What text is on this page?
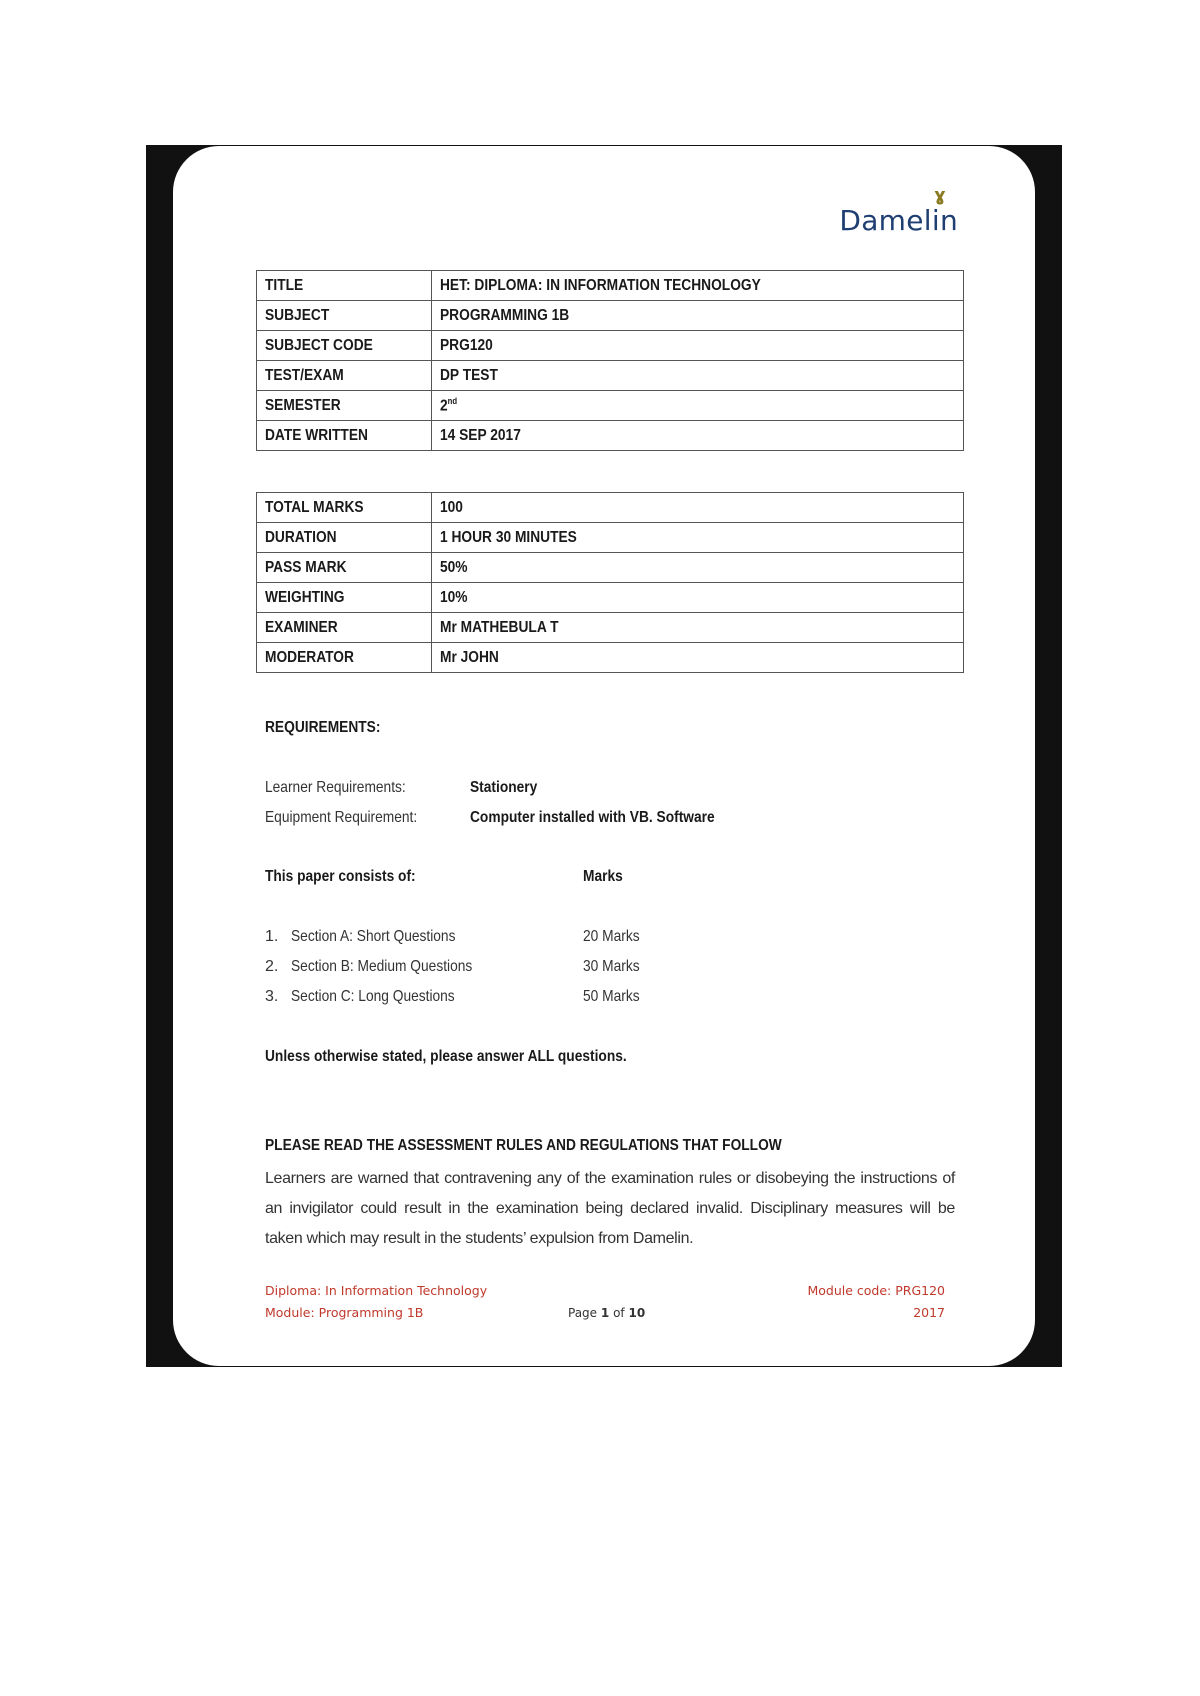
ɣ
Damelin
TITLE	HET: DIPLOMA: IN INFORMATION TECHNOLOGY
SUBJECT	PROGRAMMING 1B
SUBJECT CODE	PRG120
TEST/EXAM	DP TEST
SEMESTER	2nd
DATE WRITTEN	14 SEP 2017
TOTAL MARKS	100
DURATION	1 HOUR 30 MINUTES
PASS MARK	50%
WEIGHTING	10%
EXAMINER	Mr MATHEBULA T
MODERATOR	Mr JOHN
REQUIREMENTS:
Learner Requirements:	Stationery
Equipment Requirement:	Computer installed with VB. Software
This paper consists of:	Marks
1. Section A: Short Questions	20 Marks
2. Section B: Medium Questions	30 Marks
3. Section C: Long Questions	50 Marks
Unless otherwise stated, please answer ALL questions.
PLEASE READ THE ASSESSMENT RULES AND REGULATIONS THAT FOLLOW
Learners are warned that contravening any of the examination rules or disobeying the instructions of an invigilator could result in the examination being declared invalid. Disciplinary measures will be taken which may result in the students’ expulsion from Damelin.
Diploma: In Information Technology
Module: Programming 1B	Page 1 of 10
Module code: PRG120
2017
